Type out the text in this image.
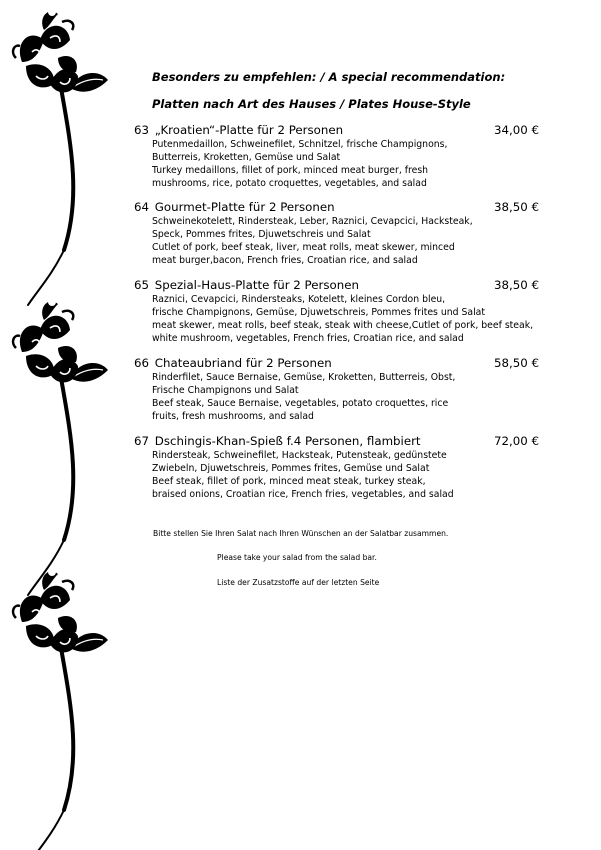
Besonders zu empfehlen: / A special recommendation:
Platten nach Art des Hauses / Plates House-Style
63 „Kroatien“-Platte für 2 Personen	34,00 €
Putenmedaillon, Schweinefilet, Schnitzel, frische Champignons,
Butterreis, Kroketten, Gemüse und Salat
Turkey medaillons, fillet of pork, minced meat burger, fresh
mushrooms, rice, potato croquettes, vegetables, and salad
64 Gourmet-Platte für 2 Personen	38,50 €
Schweinekotelett, Rindersteak, Leber, Raznici, Cevapcici, Hacksteak,
Speck, Pommes frites, Djuwetschreis und Salat
Cutlet of pork, beef steak, liver, meat rolls, meat skewer, minced
meat burger,bacon, French fries, Croatian rice, and salad
65 Spezial-Haus-Platte für 2 Personen	38,50 €
Raznici, Cevapcici, Rindersteaks, Kotelett, kleines Cordon bleu,
frische Champignons, Gemüse, Djuwetschreis, Pommes frites und Salat
meat skewer, meat rolls, beef steak, steak with cheese,Cutlet of pork, beef steak,
white mushroom, vegetables, French fries, Croatian rice, and salad
66 Chateaubriand für 2 Personen	58,50 €
Rinderfilet, Sauce Bernaise, Gemüse, Kroketten, Butterreis, Obst,
Frische Champignons und Salat
Beef steak, Sauce Bernaise, vegetables, potato croquettes, rice
fruits, fresh mushrooms, and salad
67 Dschingis-Khan-Spieß f.4 Personen, flambiert	72,00 €
Rindersteak, Schweinefilet, Hacksteak, Putensteak, gedünstete
Zwiebeln, Djuwetschreis, Pommes frites, Gemüse und Salat
Beef steak, fillet of pork, minced meat steak, turkey steak,
braised onions, Croatian rice, French fries, vegetables, and salad
Bitte stellen Sie Ihren Salat nach Ihren Wünschen an der Salatbar zusammen.
Please take your salad from the salad bar.
Liste der Zusatzstoffe auf der letzten Seite
